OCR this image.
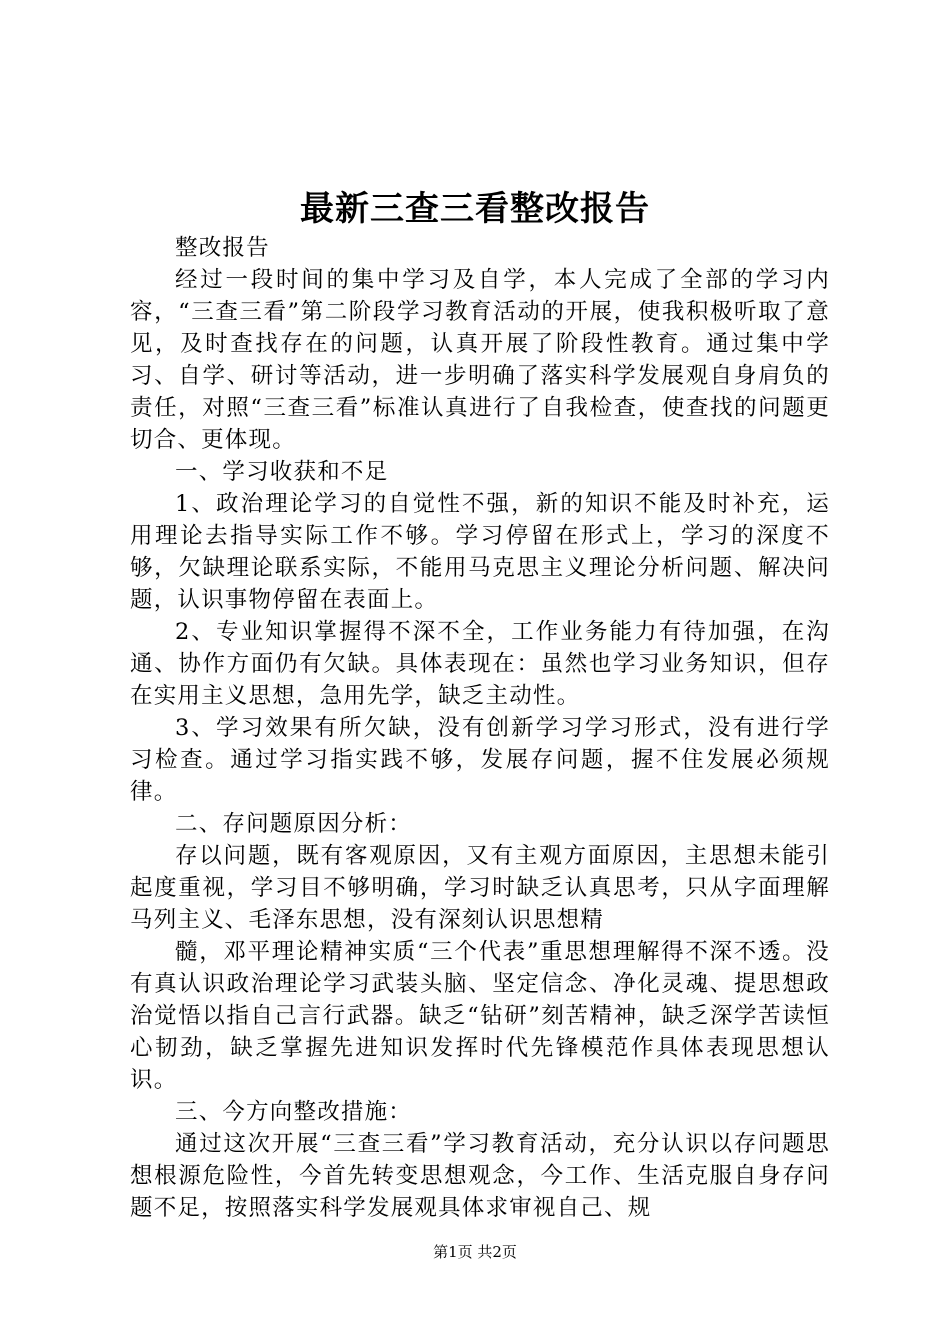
最新三查三看整改报告

整改报告

经过一段时间的集中学习及自学，本人完成了全部的学习内容，“三查三看”第二阶段学习教育活动的开展，使我积极听取了意见，及时查找存在的问题，认真开展了阶段性教育。通过集中学习、自学、研讨等活动，进一步明确了落实科学发展观自身肩负的责任，对照“三查三看”标准认真进行了自我检查，使查找的问题更切合、更体现。

一、学习收获和不足

1、政治理论学习的自觉性不强，新的知识不能及时补充，运用理论去指导实际工作不够。学习停留在形式上，学习的深度不够，欠缺理论联系实际，不能用马克思主义理论分析问题、解决问题，认识事物停留在表面上。

2、专业知识掌握得不深不全，工作业务能力有待加强，在沟通、协作方面仍有欠缺。具体表现在：虽然也学习业务知识，但存在实用主义思想，急用先学，缺乏主动性。

3、学习效果有所欠缺，没有创新学习学习形式，没有进行学习检查。通过学习指实践不够，发展存问题，握不住发展必须规律。

二、存问题原因分析：

存以问题，既有客观原因，又有主观方面原因，主思想未能引起度重视，学习目不够明确，学习时缺乏认真思考，只从字面理解马列主义、毛泽东思想，没有深刻认识思想精

髓，邓平理论精神实质“三个代表”重思想理解得不深不透。没有真认识政治理论学习武装头脑、坚定信念、净化灵魂、提思想政治觉悟以指自己言行武器。缺乏“钻研”刻苦精神，缺乏深学苦读恒心韧劲，缺乏掌握先进知识发挥时代先锋模范作具体表现思想认识。

三、今方向整改措施：

通过这次开展“三查三看”学习教育活动，充分认识以存问题思想根源危险性，今首先转变思想观念，今工作、生活克服自身存问题不足，按照落实科学发展观具体求审视自己、规

第1页 共2页
